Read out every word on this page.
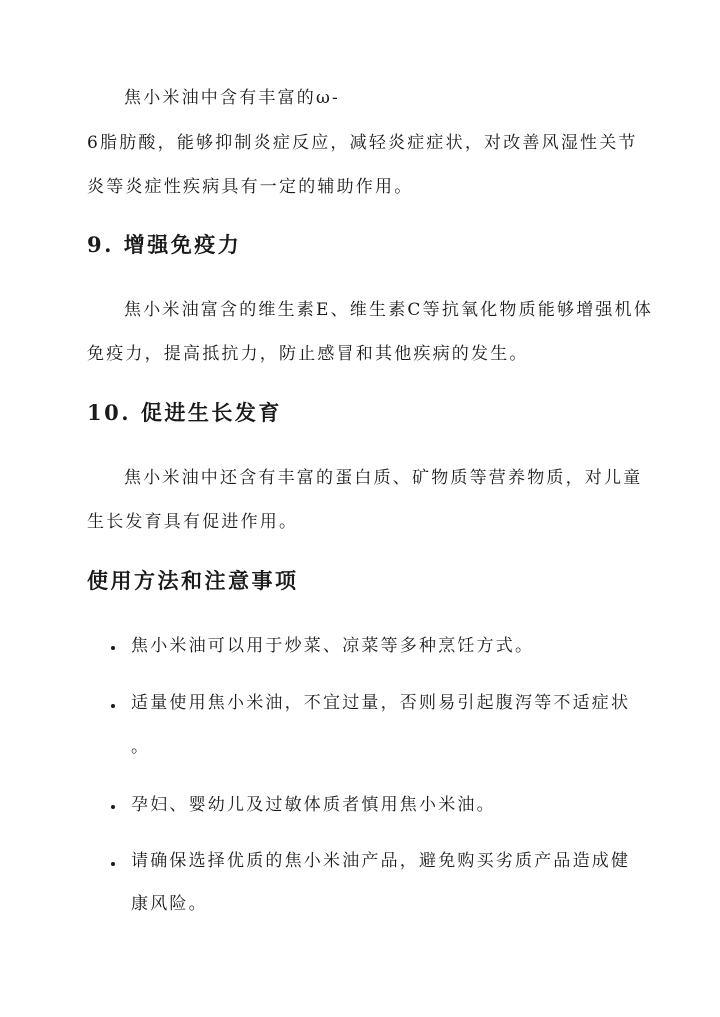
焦小米油中含有丰富的ω-
6脂肪酸，能够抑制炎症反应，减轻炎症症状，对改善风湿性关节
炎等炎症性疾病具有一定的辅助作用。
9. 增强免疫力
焦小米油富含的维生素E、维生素C等抗氧化物质能够增强机体
免疫力，提高抵抗力，防止感冒和其他疾病的发生。
10. 促进生长发育
焦小米油中还含有丰富的蛋白质、矿物质等营养物质，对儿童
生长发育具有促进作用。
使用方法和注意事项
焦小米油可以用于炒菜、凉菜等多种烹饪方式。
适量使用焦小米油，不宜过量，否则易引起腹泻等不适症状
。
孕妇、婴幼儿及过敏体质者慎用焦小米油。
请确保选择优质的焦小米油产品，避免购买劣质产品造成健
康风险。
